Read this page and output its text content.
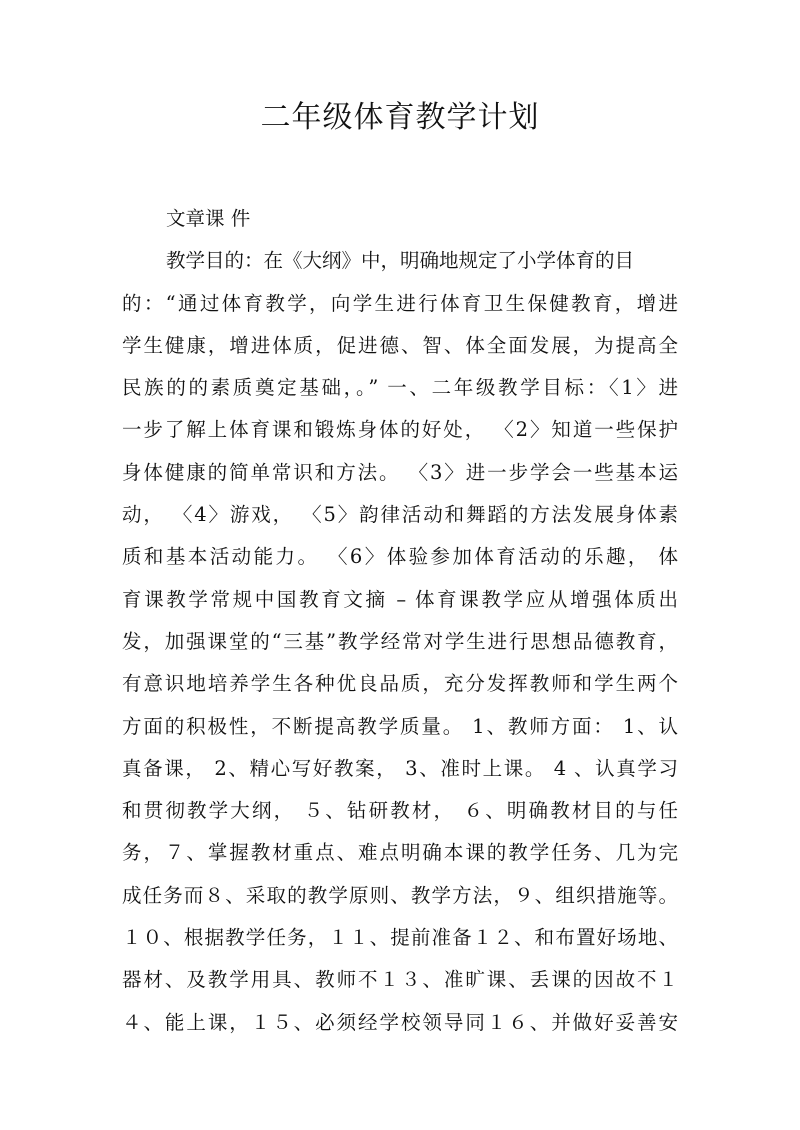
二年级体育教学计划
文章课 件
教学目的：在《大纲》中，明确地规定了小学体育的目
的：“通过体育教学，向学生进行体育卫生保健教育，增进
学生健康，增进体质，促进德、智、体全面发展，为提高全
民族的的素质奠定基础，。” 一、二年级教学目标：〈1〉进
一步了解上体育课和锻炼身体的好处， 〈2〉知道一些保护
身体健康的简单常识和方法。 〈3〉进一步学会一些基本运
动， 〈4〉游戏， 〈5〉韵律活动和舞蹈的方法发展身体素
质和基本活动能力。 〈6〉体验参加体育活动的乐趣， 体
育课教学常规中国教育文摘 – 体育课教学应从增强体质出
发，加强课堂的“三基”教学经常对学生进行思想品德教育，
有意识地培养学生各种优良品质，充分发挥教师和学生两个
方面的积极性，不断提高教学质量。 1、教师方面： 1、认
真备课， 2、精心写好教案， 3、准时上课。 4 、认真学习
和贯彻教学大纲， ５、钻研教材， ６、明确教材目的与任
务，７、掌握教材重点、难点明确本课的教学任务、几为完
成任务而８、采取的教学原则、教学方法，９、组织措施等。
１０、根据教学任务，１１、提前准备１２、和布置好场地、
器材、及教学用具、教师不１３、准旷课、丢课的因故不１
４、能上课，１５、必须经学校领导同１６、并做好妥善安
